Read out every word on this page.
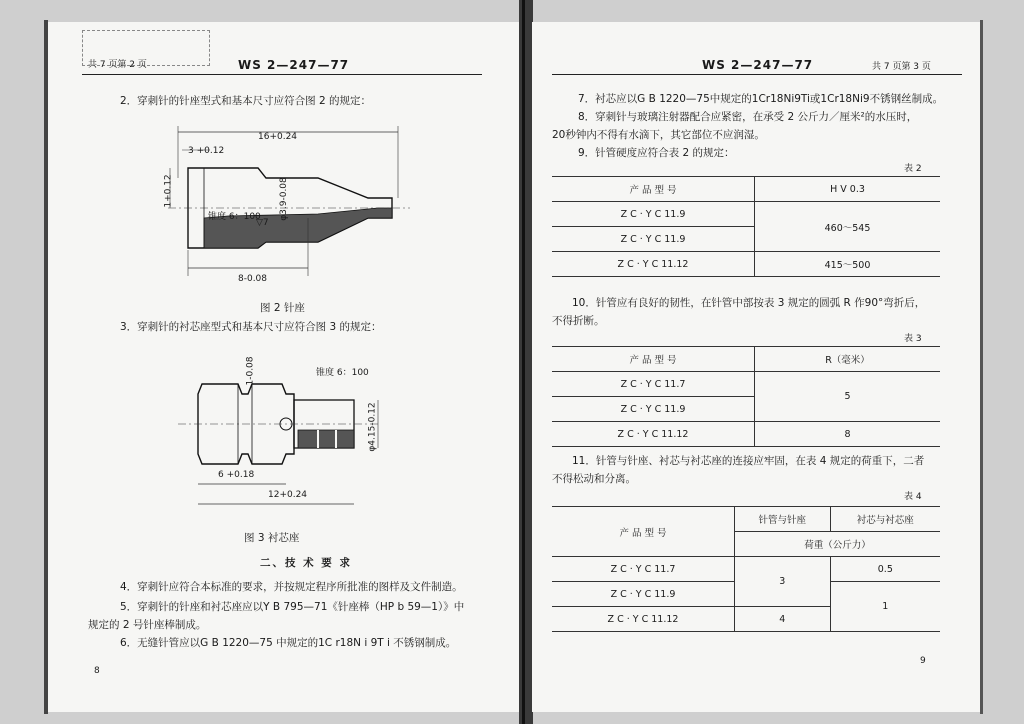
共 7 页第 2 页	WS 2—247—77
2．穿刺针的针座型式和基本尺寸应符合图 2 的规定：
16+0.24
3 +0.12
1+0.12
锥度 6：100
▽7
φ3.9-0.08
8-0.08
图 2 针座
3．穿刺针的衬芯座型式和基本尺寸应符合图 3 的规定：
1-0.08	锥度 6：100
φ4.15-0.12
6 +0.18
12+0.24
图 3 衬芯座
二、技 术 要 求
4．穿刺针应符合本标准的要求，并按规定程序所批准的图样及文件制造。
5．穿刺针的针座和衬芯座应以Y B 795—71《针座棒（HP b 59—1）》中
规定的 2 号针座棒制成。
6．无缝针管应以G B 1220—75 中规定的1C r18N i 9T i 不锈钢制成。
8
WS 2—247—77	共 7 页第 3 页
7．衬芯应以G B 1220—75中规定的1Cr18Ni9Ti或1Cr18Ni9不锈钢丝制成。
8．穿刺针与玻璃注射器配合应紧密，在承受 2 公斤力／厘米²的水压时，
20秒钟内不得有水滴下，其它部位不应润湿。
9．针管硬度应符合表 2 的规定：
表 2
产 品 型 号	H V 0.3
Z C · Y C 11.9	460～545
Z C · Y C 11.9	
Z C · Y C 11.12	415～500
10．针管应有良好的韧性，在针管中部按表 3 规定的圆弧 R 作90°弯折后，
不得折断。
表 3
产 品 型 号	R（毫米）
Z C · Y C 11.7	5
Z C · Y C 11.9	
Z C · Y C 11.12	8
11．针管与针座、衬芯与衬芯座的连接应牢固，在表 4 规定的荷重下，二者
不得松动和分离。
表 4
产 品 型 号	针管与针座	衬芯与衬芯座
	荷重（公斤力）	
Z C · Y C 11.7	3	0.5
Z C · Y C 11.9		1
Z C · Y C 11.12	4	
9
